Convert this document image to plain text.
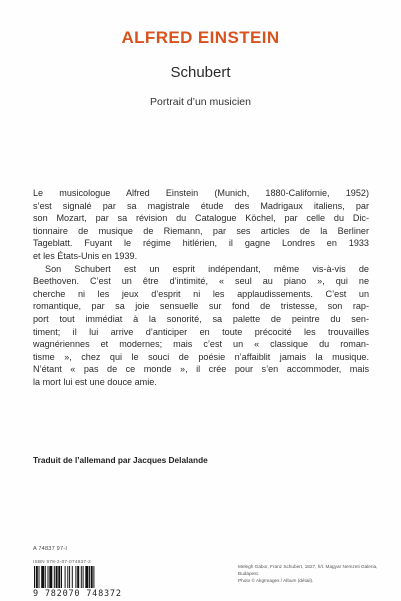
ALFRED EINSTEIN
Schubert
Portrait d’un musicien

Le musicologue Alfred Einstein (Munich, 1880-Californie, 1952)
s’est signalé par sa magistrale étude des Madrigaux italiens, par
son Mozart, par sa révision du Catalogue Köchel, par celle du Dic-
tionnaire de musique de Riemann, par ses articles de la Berliner
Tageblatt. Fuyant le régime hitlérien, il gagne Londres en 1933
et les États-Unis en 1939.

Son Schubert est un esprit indépendant, même vis-à-vis de
Beethoven. C’est un être d’intimité, « seul au piano », qui ne
cherche ni les jeux d’esprit ni les applaudissements. C’est un
romantique, par sa joie sensuelle sur fond de tristesse, son rap-
port tout immédiat à la sonorité, sa palette de peintre du sen-
timent; il lui arrive d’anticiper en toute précocité les trouvailles
wagnériennes et modernes; mais c’est un « classique du roman-
tisme », chez qui le souci de poésie n’affaiblit jamais la musique.
N’étant « pas de ce monde », il crée pour s’en accommoder, mais
la mort lui est une douce amie.

Traduit de l’allemand par Jacques Delalande
A 74837 97-I
ISBN 978-2-07-074837-2
9 782070 748372
Melegh Gabor, Franz Schubert, 1827, h/t. Magyar Nemzeti Galeria, Budapest.
Photo © AkgImages / Album (détail).
